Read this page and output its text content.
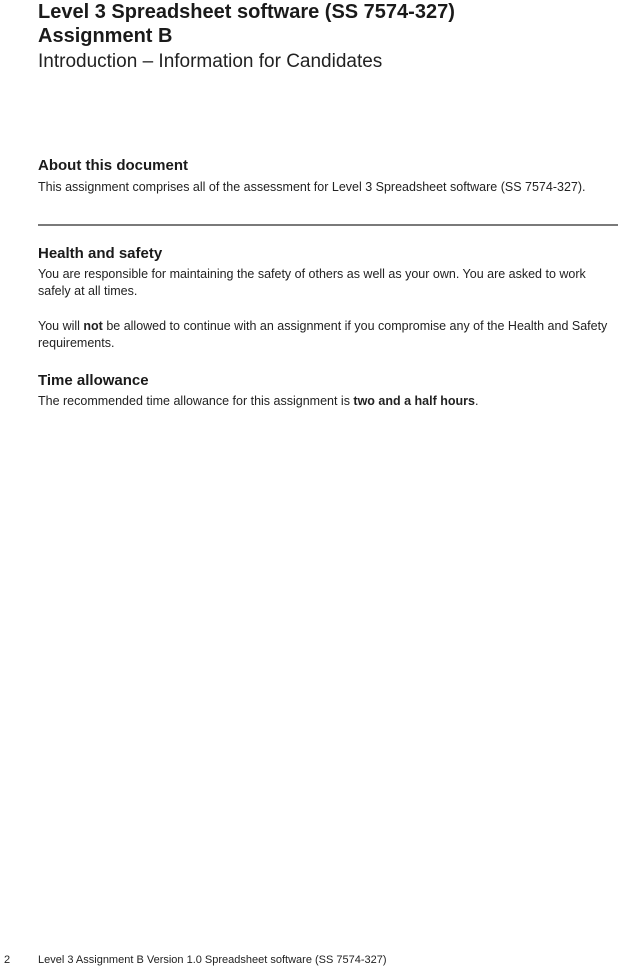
Level 3 Spreadsheet software (SS 7574-327)
Assignment B
Introduction – Information for Candidates
About this document

This assignment comprises all of the assessment for Level 3 Spreadsheet software (SS 7574-327).

Health and safety

You are responsible for maintaining the safety of others as well as your own. You are asked to work safely at all times.

You will not be allowed to continue with an assignment if you compromise any of the Health and Safety requirements.

Time allowance

The recommended time allowance for this assignment is two and a half hours.

2	Level 3 Assignment B Version 1.0 Spreadsheet software (SS 7574-327)
